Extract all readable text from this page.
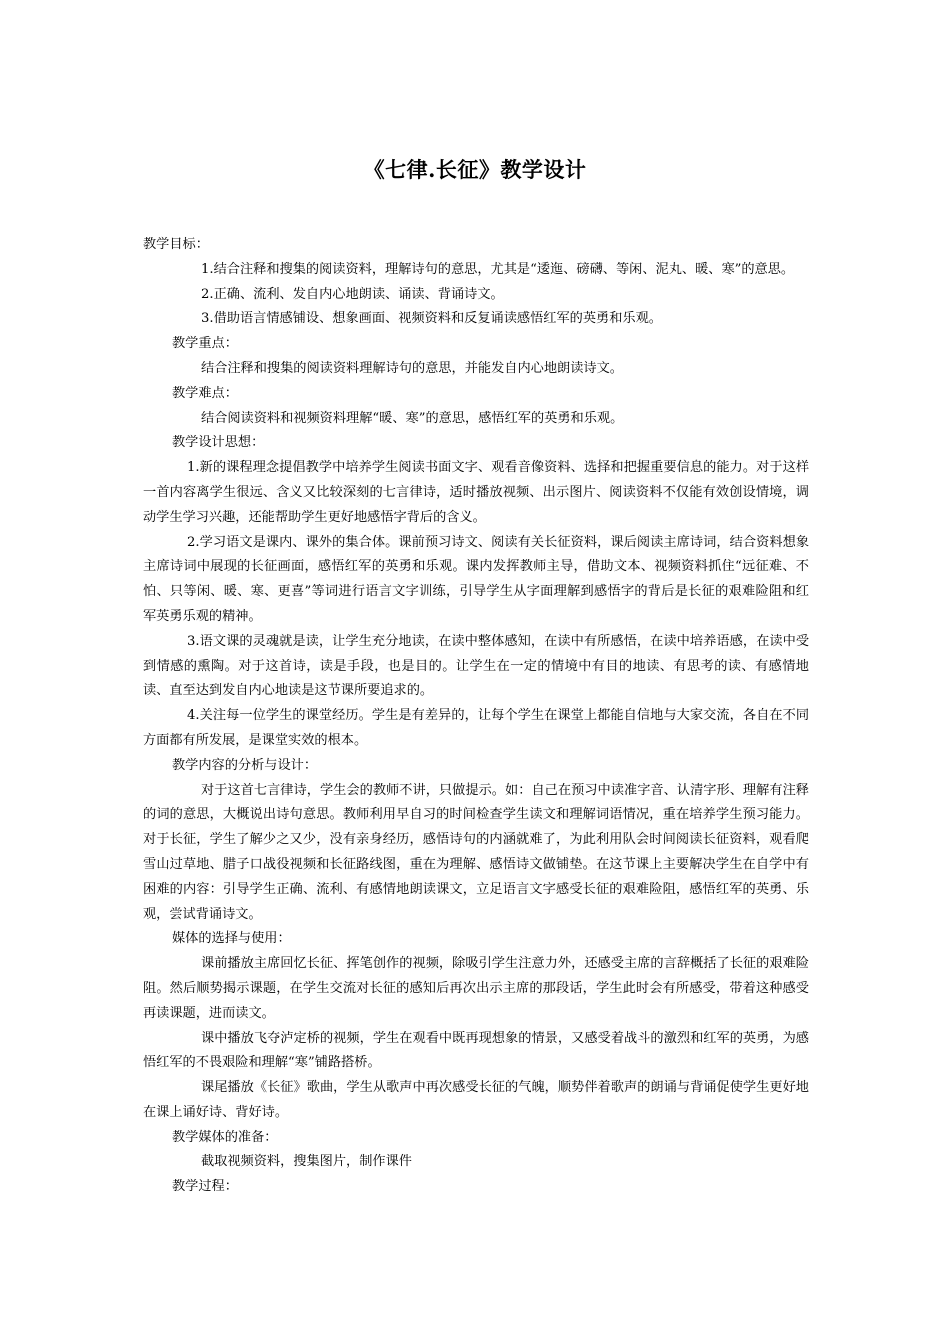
《七律.长征》教学设计

教学目标：

1.结合注释和搜集的阅读资料，理解诗句的意思，尤其是“逶迤、磅礴、等闲、泥丸、暖、寒”的意思。

2.正确、流利、发自内心地朗读、诵读、背诵诗文。

3.借助语言情感铺设、想象画面、视频资料和反复诵读感悟红军的英勇和乐观。

教学重点：

结合注释和搜集的阅读资料理解诗句的意思，并能发自内心地朗读诗文。

教学难点：

结合阅读资料和视频资料理解“暖、寒”的意思，感悟红军的英勇和乐观。

教学设计思想：

1.新的课程理念提倡教学中培养学生阅读书面文字、观看音像资料、选择和把握重要信息的能力。对于这样一首内容离学生很远、含义又比较深刻的七言律诗，适时播放视频、出示图片、阅读资料不仅能有效创设情境，调动学生学习兴趣，还能帮助学生更好地感悟字背后的含义。

2.学习语文是课内、课外的集合体。课前预习诗文、阅读有关长征资料，课后阅读主席诗词，结合资料想象主席诗词中展现的长征画面，感悟红军的英勇和乐观。课内发挥教师主导，借助文本、视频资料抓住“远征难、不怕、只等闲、暖、寒、更喜”等词进行语言文字训练，引导学生从字面理解到感悟字的背后是长征的艰难险阻和红军英勇乐观的精神。

3.语文课的灵魂就是读，让学生充分地读，在读中整体感知，在读中有所感悟，在读中培养语感，在读中受到情感的熏陶。对于这首诗，读是手段，也是目的。让学生在一定的情境中有目的地读、有思考的读、有感情地读、直至达到发自内心地读是这节课所要追求的。

4.关注每一位学生的课堂经历。学生是有差异的，让每个学生在课堂上都能自信地与大家交流，各自在不同方面都有所发展，是课堂实效的根本。

教学内容的分析与设计：

对于这首七言律诗，学生会的教师不讲，只做提示。如：自己在预习中读准字音、认清字形、理解有注释的词的意思，大概说出诗句意思。教师利用早自习的时间检查学生读文和理解词语情况，重在培养学生预习能力。对于长征，学生了解少之又少，没有亲身经历，感悟诗句的内涵就难了，为此利用队会时间阅读长征资料，观看爬雪山过草地、腊子口战役视频和长征路线图，重在为理解、感悟诗文做铺垫。在这节课上主要解决学生在自学中有困难的内容：引导学生正确、流利、有感情地朗读课文，立足语言文字感受长征的艰难险阻，感悟红军的英勇、乐观，尝试背诵诗文。

媒体的选择与使用：

课前播放主席回忆长征、挥笔创作的视频，除吸引学生注意力外，还感受主席的言辞概括了长征的艰难险阻。然后顺势揭示课题，在学生交流对长征的感知后再次出示主席的那段话，学生此时会有所感受，带着这种感受再读课题，进而读文。

课中播放飞夺泸定桥的视频，学生在观看中既再现想象的情景，又感受着战斗的激烈和红军的英勇，为感悟红军的不畏艰险和理解“寒”铺路搭桥。

课尾播放《长征》歌曲，学生从歌声中再次感受长征的气魄，顺势伴着歌声的朗诵与背诵促使学生更好地在课上诵好诗、背好诗。

教学媒体的准备：

截取视频资料，搜集图片，制作课件

教学过程：
